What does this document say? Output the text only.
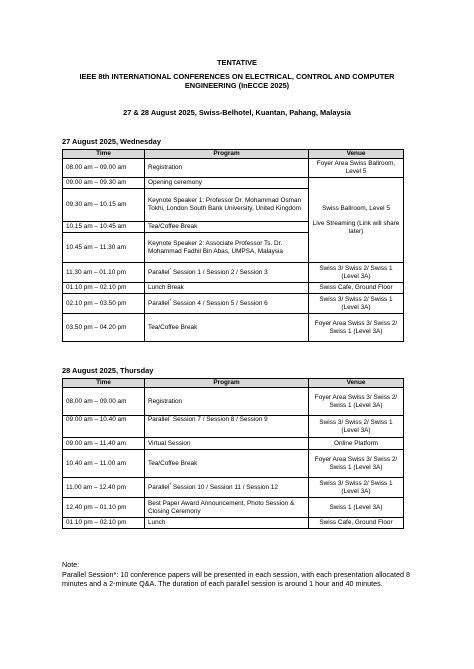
TENTATIVE
IEEE 8th INTERNATIONAL CONFERENCES ON ELECTRICAL, CONTROL AND COMPUTER ENGINEERING (InECCE 2025)
27 & 28 August 2025, Swiss-Belhotel, Kuantan, Pahang, Malaysia
27 August 2025, Wednesday
Time	Program	Venue
08.00 am – 09.00 am	Registration	Foyer Area Swiss Ballroom, Level 5
09.00 am – 09.30 am	Opening ceremony	Swiss Ballroom, Level 5
Live Streaming (Link will share later)

09.30 am – 10.15 am	Keynote Speaker 1: Professor Dr. Mohammad Osman Tokhi, London South Bank University, United Kingdom	
10.15 am – 10.45 am	Tea/Coffee Break	
10.45 am – 11.30 am	Keynote Speaker 2: Associate Professor Ts. Dr. Mohammad Fadhil Bin Abas, UMPSA, Malaysia	
11.30 am – 01.10 pm	Parallel* Session 1 / Session 2 / Session 3	Swiss 3/ Swiss 2/ Swiss 1 (Level 3A)
01.10 pm – 02.10 pm	Lunch Break	Swiss Cafe, Ground Floor
02.10 pm – 03.50 pm	Parallel* Session 4 / Session 5 / Session 6	Swiss 3/ Swiss 2/ Swiss 1 (Level 3A)
03.50 pm – 04.20 pm	Tea/Coffee Break	Foyer Area Swiss 3/ Swiss 2/ Swiss 1 (Level 3A)
28 August 2025, Thursday
Time	Program	Venue
08.00 am – 09.00 am	Registration	Foyer Area Swiss 3/ Swiss 2/ Swiss 1 (Level 3A)
09.00 am – 10.40 am	Parallel* Session 7 / Session 8 / Session 9	Swiss 3/ Swiss 2/ Swiss 1 (Level 3A)
09.00 am – 11.40 am	Virtual Session	Online Platform
10.40 am – 11.00 am	Tea/Coffee Break	Foyer Area Swiss 3/ Swiss 2/ Swiss 1 (Level 3A)
11.00 am – 12.40 pm	Parallel* Session 10 / Session 11 / Session 12	Swiss 3/ Swiss 2/ Swiss 1 (Level 3A)
12.40 pm – 01.10 pm	Best Paper Award Announcement, Photo Session & Closing Ceremony	Swiss 1 (Level 3A)
01.10 pm – 02.10 pm	Lunch	Swiss Cafe, Ground Floor
Note:
Parallel Session*: 10 conference papers will be presented in each session, with each presentation allocated 8 minutes and a 2-minute Q&A. The duration of each parallel session is around 1 hour and 40 minutes.
